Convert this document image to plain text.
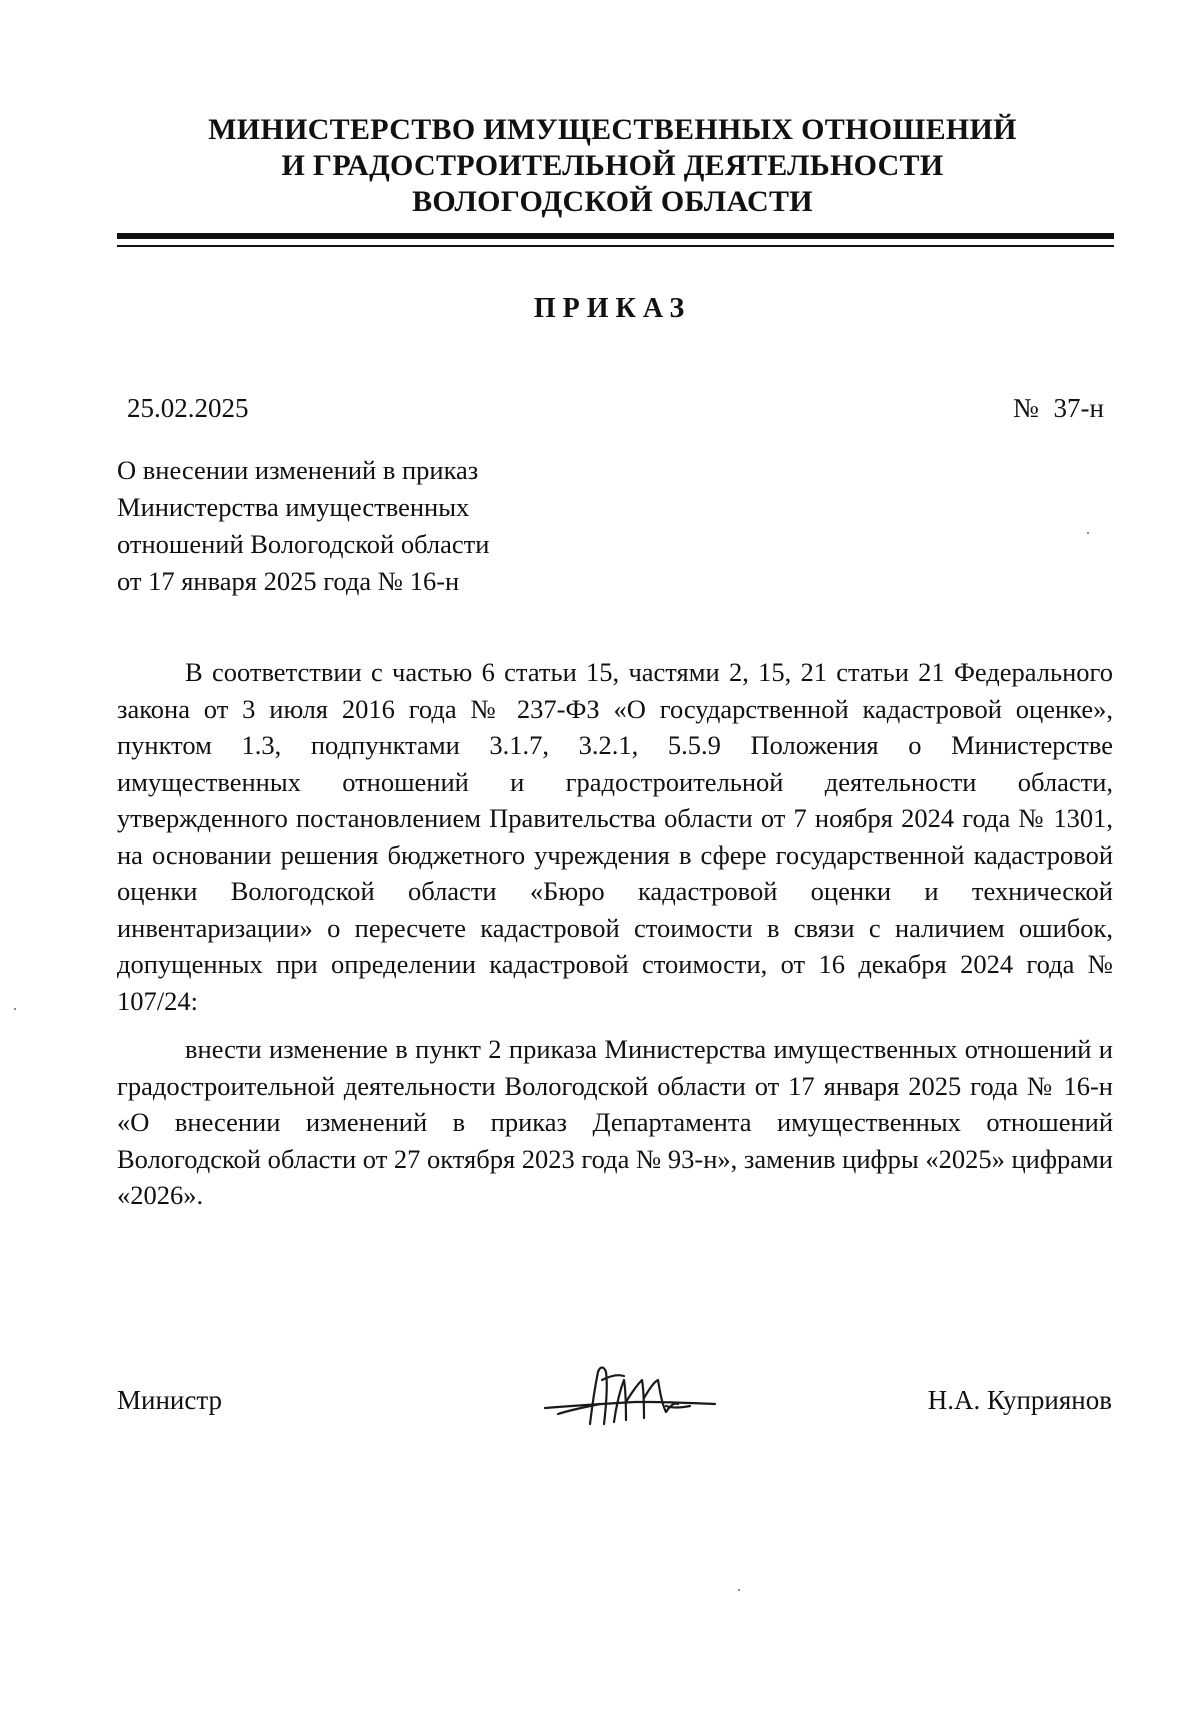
МИНИСТЕРСТВО ИМУЩЕСТВЕННЫХ ОТНОШЕНИЙ
И ГРАДОСТРОИТЕЛЬНОЙ ДЕЯТЕЛЬНОСТИ
ВОЛОГОДСКОЙ ОБЛАСТИ
ПРИКАЗ
25.02.2025	№ 37-н
О внесении изменений в приказ
Министерства имущественных
отношений Вологодской области
от 17 января 2025 года № 16-н

В соответствии с частью 6 статьи 15, частями 2, 15, 21 статьи 21 Федерального закона от 3 июля 2016 года № 237-ФЗ «О государственной кадастровой оценке», пунктом 1.3, подпунктами 3.1.7, 3.2.1, 5.5.9 Положения о Министерстве имущественных отношений и градостроительной деятельности области, утвержденного постановлением Правительства области от 7 ноября 2024 года № 1301, на основании решения бюджетного учреждения в сфере государственной кадастровой оценки Вологодской области «Бюро кадастровой оценки и технической инвентаризации» о пересчете кадастровой стоимости в связи с наличием ошибок, допущенных при определении кадастровой стоимости, от 16 декабря 2024 года № 107/24:

внести изменение в пункт 2 приказа Министерства имущественных отношений и градостроительной деятельности Вологодской области от 17 января 2025 года № 16-н «О внесении изменений в приказ Департамента имущественных отношений Вологодской области от 27 октября 2023 года № 93-н», заменив цифры «2025» цифрами «2026».

Министр	Н.А. Куприянов
